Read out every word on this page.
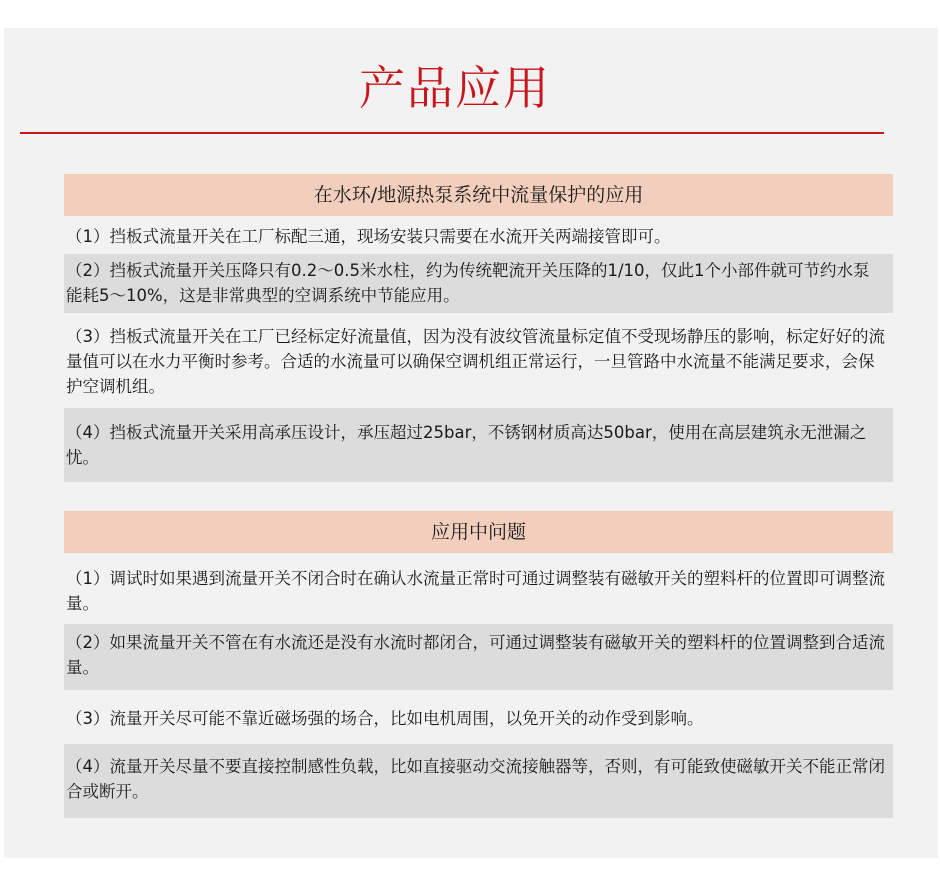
产品应用
在水环/地源热泵系统中流量保护的应用
（1）挡板式流量开关在工厂标配三通，现场安装只需要在水流开关两端接管即可。
（2）挡板式流量开关压降只有0.2～0.5米水柱，约为传统靶流开关压降的1/10，仅此1个小部件就可节约水泵能耗5～10%，这是非常典型的空调系统中节能应用。
（3）挡板式流量开关在工厂已经标定好流量值，因为没有波纹管流量标定值不受现场静压的影响，标定好好的流量值可以在水力平衡时参考。合适的水流量可以确保空调机组正常运行，一旦管路中水流量不能满足要求，会保护空调机组。
（4）挡板式流量开关采用高承压设计，承压超过25bar，不锈钢材质高达50bar，使用在高层建筑永无泄漏之忧。
应用中问题
（1）调试时如果遇到流量开关不闭合时在确认水流量正常时可通过调整装有磁敏开关的塑料杆的位置即可调整流量。
（2）如果流量开关不管在有水流还是没有水流时都闭合，可通过调整装有磁敏开关的塑料杆的位置调整到合适流量。
（3）流量开关尽可能不靠近磁场强的场合，比如电机周围，以免开关的动作受到影响。
（4）流量开关尽量不要直接控制感性负载，比如直接驱动交流接触器等，否则，有可能致使磁敏开关不能正常闭合或断开。
